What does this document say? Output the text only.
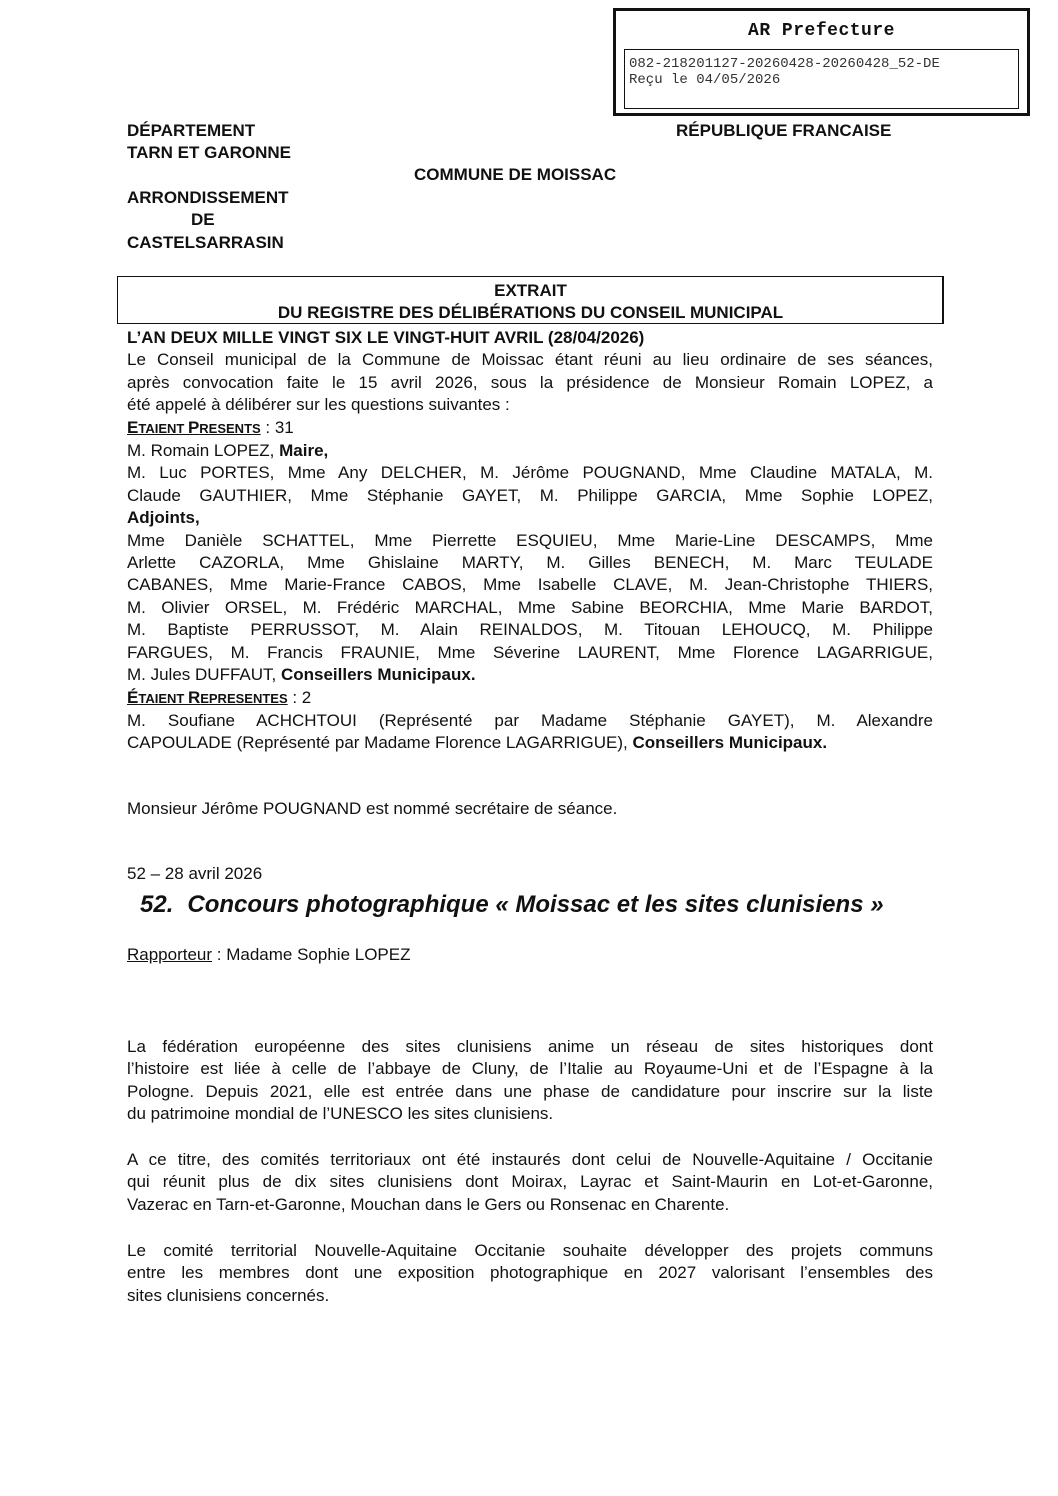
AR Prefecture
082-218201127-20260428-20260428_52-DE
Reçu le 04/05/2026
DÉPARTEMENT
TARN ET GARONNE
RÉPUBLIQUE FRANCAISE
COMMUNE DE MOISSAC
ARRONDISSEMENT
DE
CASTELSARRASIN
EXTRAIT
DU REGISTRE DES DÉLIBÉRATIONS DU CONSEIL MUNICIPAL
L’AN DEUX MILLE VINGT SIX LE VINGT-HUIT AVRIL (28/04/2026)
Le Conseil municipal de la Commune de Moissac étant réuni au lieu ordinaire de ses séances,
après convocation faite le 15 avril 2026, sous la présidence de Monsieur Romain LOPEZ, a
été appelé à délibérer sur les questions suivantes :
ETAIENT PRESENTS : 31
M. Romain LOPEZ, Maire,
M. Luc PORTES, Mme Any DELCHER, M. Jérôme POUGNAND, Mme Claudine MATALA, M.
Claude GAUTHIER, Mme Stéphanie GAYET, M. Philippe GARCIA, Mme Sophie LOPEZ,
Adjoints,
Mme Danièle SCHATTEL, Mme Pierrette ESQUIEU, Mme Marie-Line DESCAMPS, Mme
Arlette CAZORLA, Mme Ghislaine MARTY, M. Gilles BENECH, M. Marc TEULADE
CABANES, Mme Marie-France CABOS, Mme Isabelle CLAVE, M. Jean-Christophe THIERS,
M. Olivier ORSEL, M. Frédéric MARCHAL, Mme Sabine BEORCHIA, Mme Marie BARDOT,
M. Baptiste PERRUSSOT, M. Alain REINALDOS, M. Titouan LEHOUCQ, M. Philippe
FARGUES, M. Francis FRAUNIE, Mme Séverine LAURENT, Mme Florence LAGARRIGUE,
M. Jules DUFFAUT, Conseillers Municipaux.
ÉTAIENT REPRESENTES : 2
M. Soufiane ACHCHTOUI (Représenté par Madame Stéphanie GAYET), M. Alexandre
CAPOULADE (Représenté par Madame Florence LAGARRIGUE), Conseillers Municipaux.
Monsieur Jérôme POUGNAND est nommé secrétaire de séance.
52 – 28 avril 2026
52. Concours photographique « Moissac et les sites clunisiens »
Rapporteur : Madame Sophie LOPEZ
La fédération européenne des sites clunisiens anime un réseau de sites historiques dont
l’histoire est liée à celle de l’abbaye de Cluny, de l’Italie au Royaume-Uni et de l’Espagne à la
Pologne. Depuis 2021, elle est entrée dans une phase de candidature pour inscrire sur la liste
du patrimoine mondial de l’UNESCO les sites clunisiens.
A ce titre, des comités territoriaux ont été instaurés dont celui de Nouvelle-Aquitaine / Occitanie
qui réunit plus de dix sites clunisiens dont Moirax, Layrac et Saint-Maurin en Lot-et-Garonne,
Vazerac en Tarn-et-Garonne, Mouchan dans le Gers ou Ronsenac en Charente.
Le comité territorial Nouvelle-Aquitaine Occitanie souhaite développer des projets communs
entre les membres dont une exposition photographique en 2027 valorisant l’ensembles des
sites clunisiens concernés.
